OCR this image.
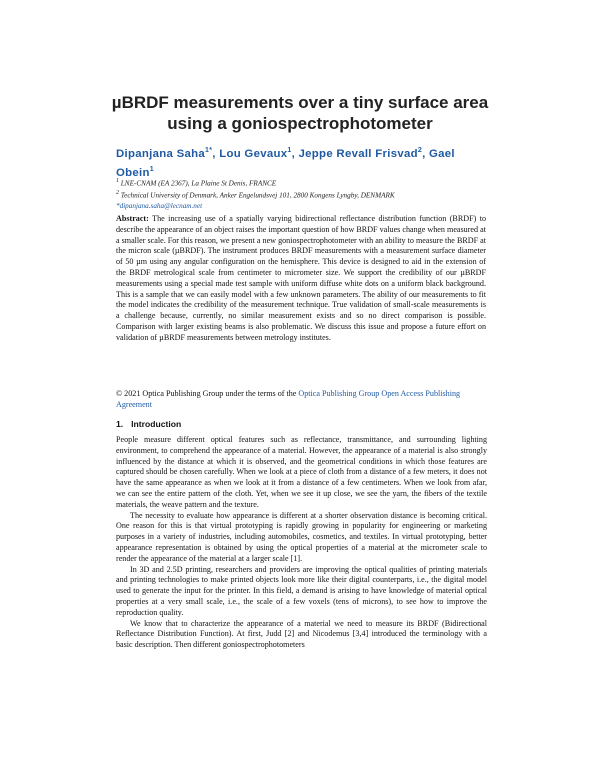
µBRDF measurements over a tiny surface area
using a goniospectrophotometer
Dipanjana Saha$^{1*}$, Lou Gevaux$^1$, Jeppe Revall Frisvad$^2$, Gael
Obein$^1$
$^1$ LNE-CNAM (EA 2367), La Plaine St Denis, FRANCE
$^2$ Technical University of Denmark, Anker Engelundsvej 101, 2800 Kongens Lyngby, DENMARK
*dipanjana.saha@lecnam.net
Abstract: The increasing use of a spatially varying bidirectional reflectance distribution function (BRDF) to describe the appearance of an object raises the important question of how BRDF values change when measured at a smaller scale. For this reason, we present a new goniospectrophotometer with an ability to measure the BRDF at the micron scale (µBRDF). The instrument produces BRDF measurements with a measurement surface diameter of 50 µm using any angular configuration on the hemisphere. This device is designed to aid in the extension of the BRDF metrological scale from centimeter to micrometer size. We support the credibility of our µBRDF measurements using a special made test sample with uniform diffuse white dots on a uniform black background. This is a sample that we can easily model with a few unknown parameters. The ability of our measurements to fit the model indicates the credibility of the measurement technique. True validation of small-scale measurements is a challenge because, currently, no similar measurement exists and so no direct comparison is possible. Comparison with larger existing beams is also problematic. We discuss this issue and propose a future effort on validation of µBRDF measurements between metrology institutes.
© 2021 Optica Publishing Group under the terms of the Optica Publishing Group Open Access Publishing Agreement
1. Introduction

People measure different optical features such as reflectance, transmittance, and surrounding lighting environment, to comprehend the appearance of a material. However, the appearance of a material is also strongly influenced by the distance at which it is observed, and the geometrical conditions in which those features are captured should be chosen carefully. When we look at a piece of cloth from a distance of a few meters, it does not have the same appearance as when we look at it from a distance of a few centimeters. When we look from afar, we can see the entire pattern of the cloth. Yet, when we see it up close, we see the yarn, the fibers of the textile materials, the weave pattern and the texture.

The necessity to evaluate how appearance is different at a shorter observation distance is becoming critical. One reason for this is that virtual prototyping is rapidly growing in popularity for engineering or marketing purposes in a variety of industries, including automobiles, cosmetics, and textiles. In virtual prototyping, better appearance representation is obtained by using the optical properties of a material at the micrometer scale to render the appearance of the material at a larger scale [1].

In 3D and 2.5D printing, researchers and providers are improving the optical qualities of printing materials and printing technologies to make printed objects look more like their digital counterparts, i.e., the digital model used to generate the input for the printer. In this field, a demand is arising to have knowledge of material optical properties at a very small scale, i.e., the scale of a few voxels (tens of microns), to see how to improve the reproduction quality.

We know that to characterize the appearance of a material we need to measure its BRDF (Bidirectional Reflectance Distribution Function). At first, Judd [2] and Nicodemus [3,4] introduced the terminology with a basic description. Then different goniospectrophotometers
